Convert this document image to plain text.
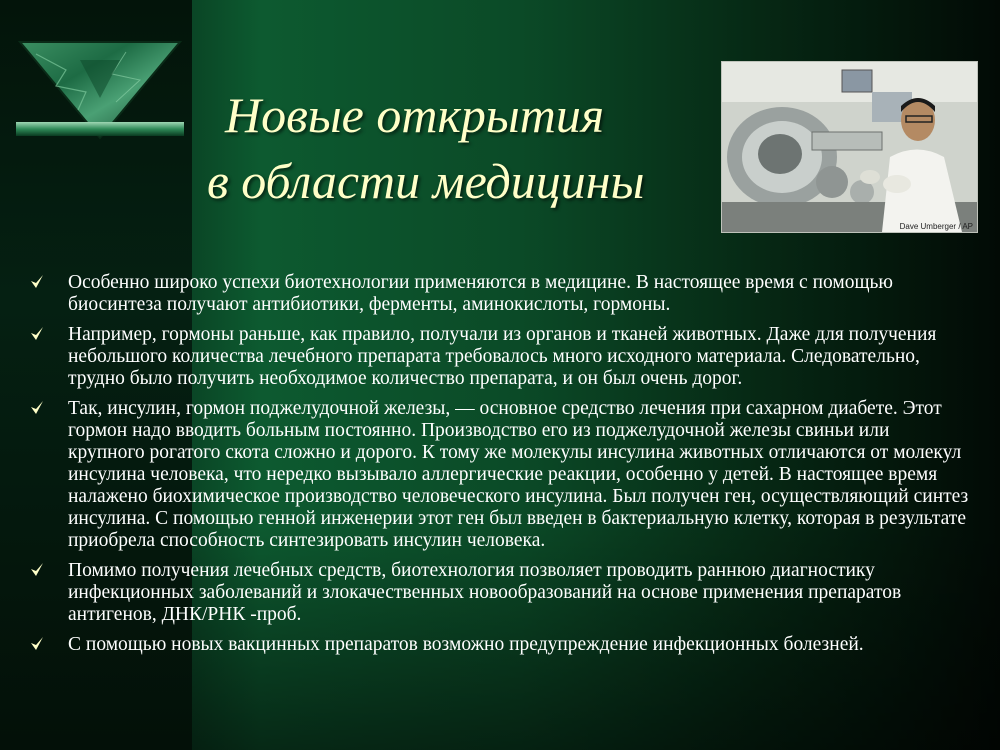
Новые открытия
в области медицины
Dave Umberger / AP
Особенно широко успехи биотехнологии применяются в медицине. В настоящее время с помощью биосинтеза получают антибиотики, ферменты, аминокислоты, гормоны.
Например, гормоны раньше, как правило, получали из органов и тканей животных. Даже для получения небольшого количества лечебного препарата требовалось много исходного материала. Следовательно, трудно было получить необходимое количество препарата, и он был очень дорог.
Так, инсулин, гормон поджелудочной железы, — основное средство лечения при сахарном диабете. Этот гормон надо вводить больным постоянно. Производство его из поджелудочной железы свиньи или крупного рогатого скота сложно и дорого. К тому же молекулы инсулина животных отличаются от молекул инсулина человека, что нередко вызывало аллергические реакции, особенно у детей. В настоящее время налажено биохимическое производство человеческого инсулина. Был получен ген, осуществляющий синтез инсулина. С помощью генной инженерии этот ген был введен в бактериальную клетку, которая в результате приобрела способность синтезировать инсулин человека.
Помимо получения лечебных средств, биотехнология позволяет проводить раннюю диагностику инфекционных заболеваний и злокачественных новообразований на основе применения препаратов антигенов, ДНК/РНК -проб.
С помощью новых вакцинных препаратов возможно предупреждение инфекционных болезней.
